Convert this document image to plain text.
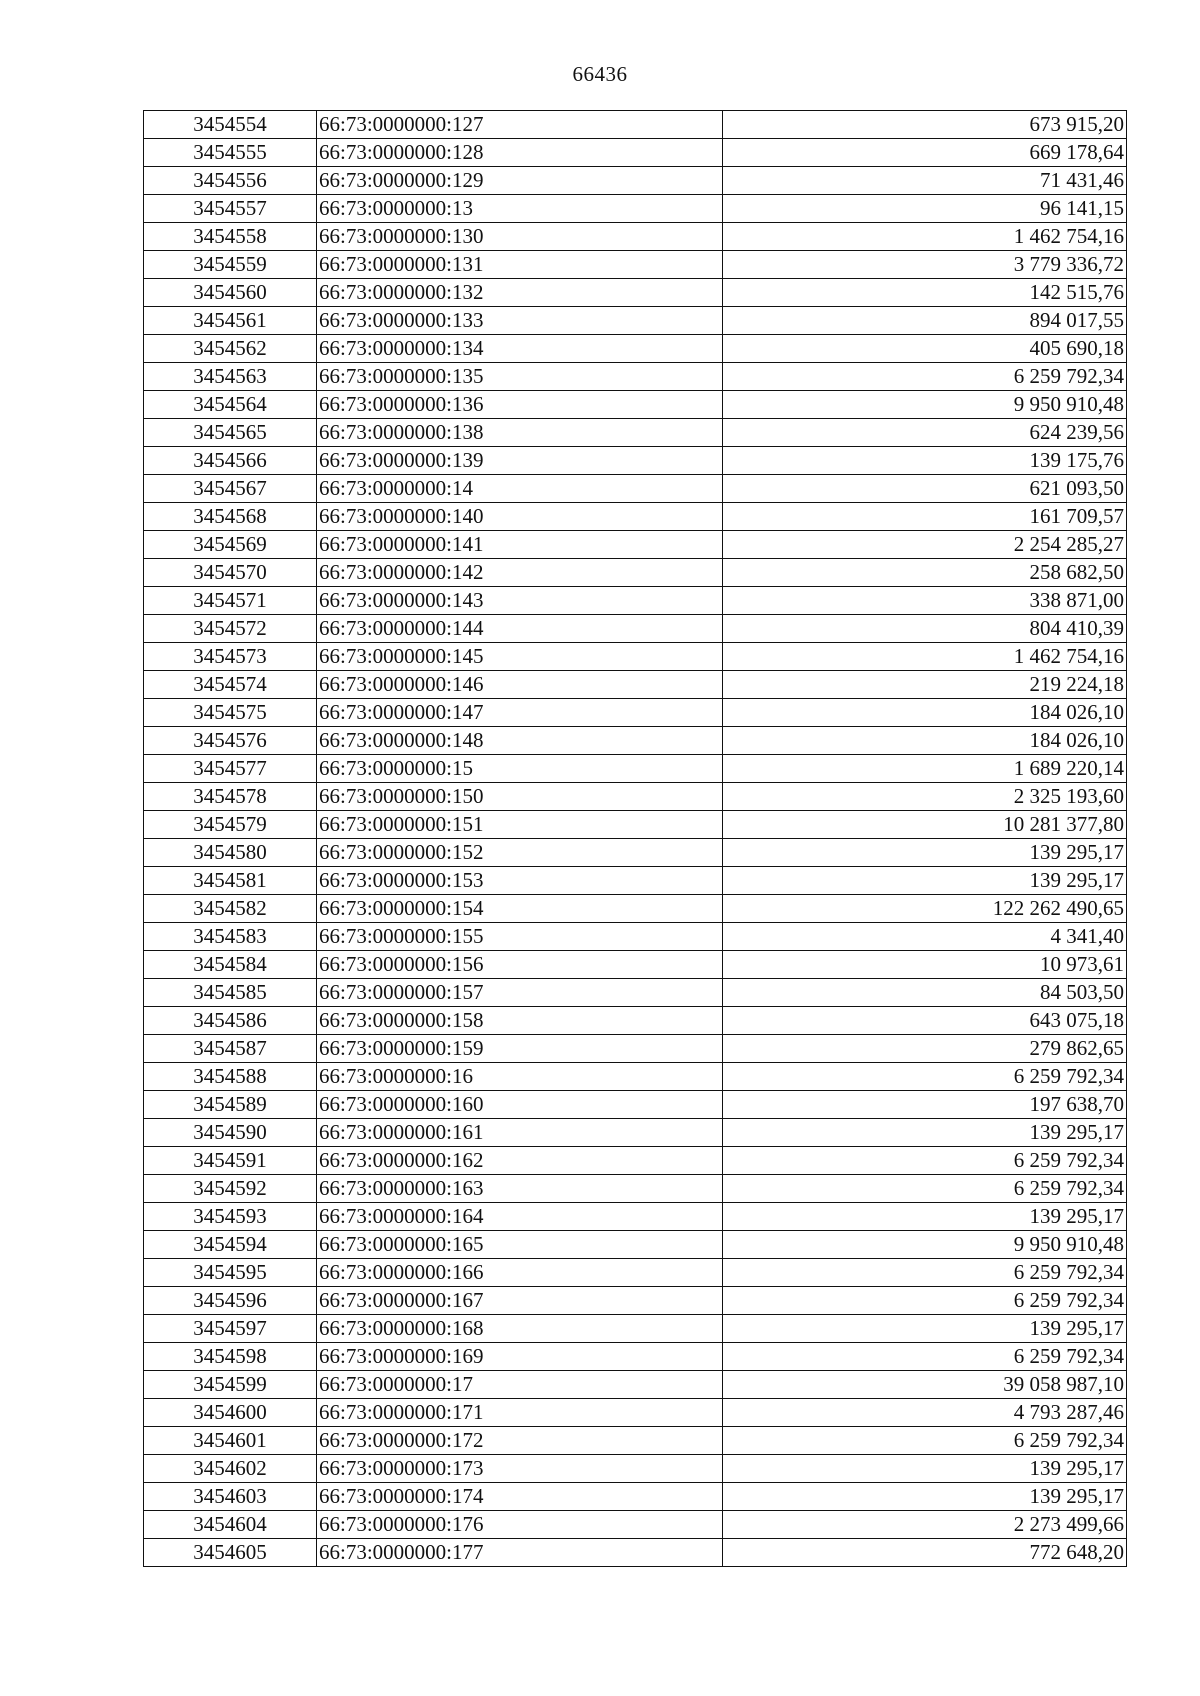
66436
3454554	66:73:0000000:127	673 915,20
3454555	66:73:0000000:128	669 178,64
3454556	66:73:0000000:129	71 431,46
3454557	66:73:0000000:13	96 141,15
3454558	66:73:0000000:130	1 462 754,16
3454559	66:73:0000000:131	3 779 336,72
3454560	66:73:0000000:132	142 515,76
3454561	66:73:0000000:133	894 017,55
3454562	66:73:0000000:134	405 690,18
3454563	66:73:0000000:135	6 259 792,34
3454564	66:73:0000000:136	9 950 910,48
3454565	66:73:0000000:138	624 239,56
3454566	66:73:0000000:139	139 175,76
3454567	66:73:0000000:14	621 093,50
3454568	66:73:0000000:140	161 709,57
3454569	66:73:0000000:141	2 254 285,27
3454570	66:73:0000000:142	258 682,50
3454571	66:73:0000000:143	338 871,00
3454572	66:73:0000000:144	804 410,39
3454573	66:73:0000000:145	1 462 754,16
3454574	66:73:0000000:146	219 224,18
3454575	66:73:0000000:147	184 026,10
3454576	66:73:0000000:148	184 026,10
3454577	66:73:0000000:15	1 689 220,14
3454578	66:73:0000000:150	2 325 193,60
3454579	66:73:0000000:151	10 281 377,80
3454580	66:73:0000000:152	139 295,17
3454581	66:73:0000000:153	139 295,17
3454582	66:73:0000000:154	122 262 490,65
3454583	66:73:0000000:155	4 341,40
3454584	66:73:0000000:156	10 973,61
3454585	66:73:0000000:157	84 503,50
3454586	66:73:0000000:158	643 075,18
3454587	66:73:0000000:159	279 862,65
3454588	66:73:0000000:16	6 259 792,34
3454589	66:73:0000000:160	197 638,70
3454590	66:73:0000000:161	139 295,17
3454591	66:73:0000000:162	6 259 792,34
3454592	66:73:0000000:163	6 259 792,34
3454593	66:73:0000000:164	139 295,17
3454594	66:73:0000000:165	9 950 910,48
3454595	66:73:0000000:166	6 259 792,34
3454596	66:73:0000000:167	6 259 792,34
3454597	66:73:0000000:168	139 295,17
3454598	66:73:0000000:169	6 259 792,34
3454599	66:73:0000000:17	39 058 987,10
3454600	66:73:0000000:171	4 793 287,46
3454601	66:73:0000000:172	6 259 792,34
3454602	66:73:0000000:173	139 295,17
3454603	66:73:0000000:174	139 295,17
3454604	66:73:0000000:176	2 273 499,66
3454605	66:73:0000000:177	772 648,20
